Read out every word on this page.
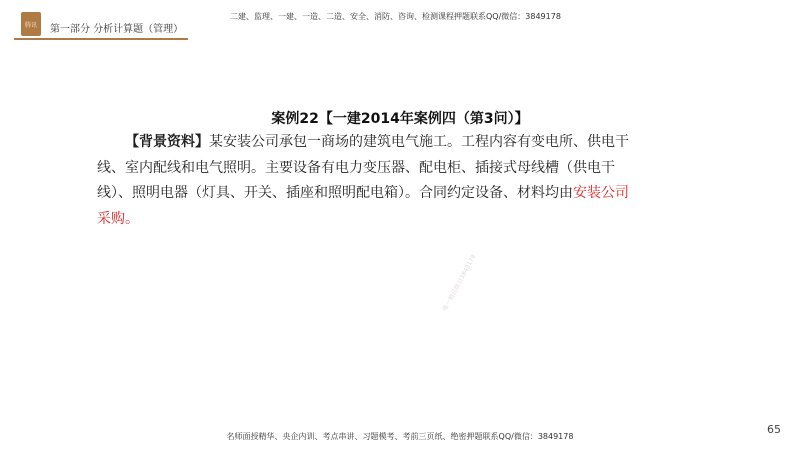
腾讯	第一部分 分析计算题（管理）
二建、监理、一建、一造、二造、安全、消防、咨询、检测课程押题联系QQ/微信：3849178
案例22【一建2014年案例四（第3问）】

【背景资料】某安装公司承包一商场的建筑电气施工。工程内容有变电所、供电干线、室内配线和电气照明。主要设备有电力变压器、配电柜、插接式母线槽（供电干线）、照明电器（灯具、开关、插座和照明配电箱）。合同约定设备、材料均由安装公司采购。

唯一精品微信3849178
名师面授精华、央企内训、考点串讲、习题模考、考前三页纸、绝密押题联系QQ/微信：3849178
65
